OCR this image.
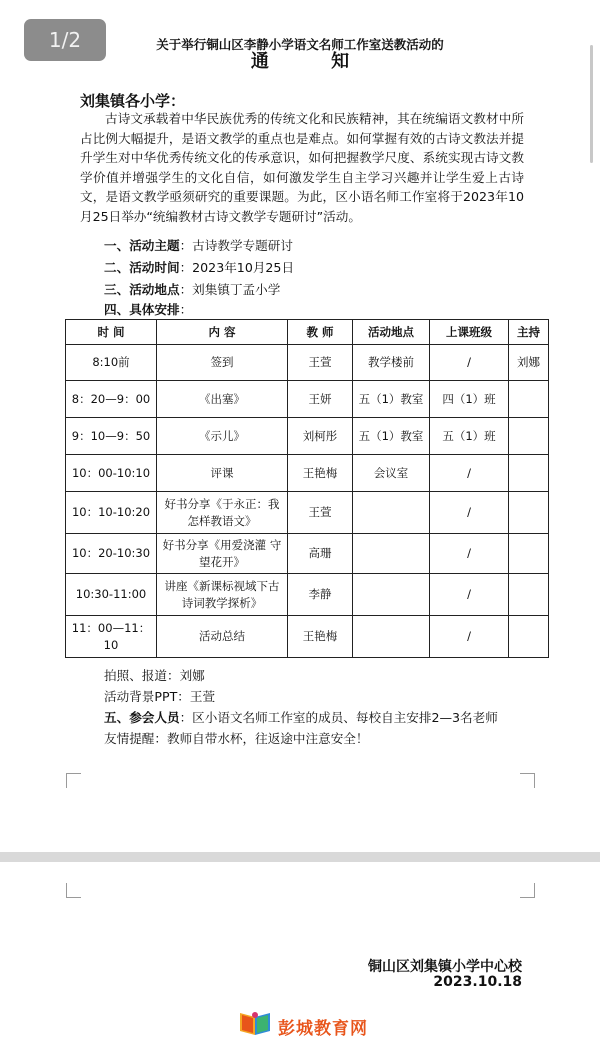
1/2	关于举行铜山区李静小学语文名师工作室送教活动的
通 知
刘集镇各小学：
古诗文承载着中华民族优秀的传统文化和民族精神，其在统编语文教材中所占比例大幅提升，是语文教学的重点也是难点。如何掌握有效的古诗文教法并提升学生对中华优秀传统文化的传承意识，如何把握教学尺度、系统实现古诗文教学价值并增强学生的文化自信，如何激发学生自主学习兴趣并让学生爱上古诗文，是语文教学亟须研究的重要课题。为此，区小语名师工作室将于2023年10月25日举办“统编教材古诗文教学专题研讨”活动。
一、活动主题：古诗教学专题研讨
二、活动时间：2023年10月25日
三、活动地点：刘集镇丁孟小学
四、具体安排：
时 间	内 容	教 师	活动地点	上课班级	主持
8:10前	签到	王萱	教学楼前	/	刘娜
8：20—9：00	《出塞》	王妍	五（1）教室	四（1）班	
9：10—9：50	《示儿》	刘柯彤	五（1）教室	五（1）班	
10：00-10:10	评课	王艳梅	会议室	/	
10：10-10:20	好书分享《于永正：我怎样教语文》	王萱		/	
10：20-10:30	好书分享《用爱浇灌 守望花开》	高珊		/	
10:30-11:00	讲座《新课标视域下古诗词教学探析》	李静		/	
11：00—11：10	活动总结	王艳梅		/	
拍照、报道：刘娜
活动背景PPT：王萱
五、参会人员：区小语文名师工作室的成员、每校自主安排2—3名老师
友情提醒：教师自带水杯，往返途中注意安全！
铜山区刘集镇小学中心校
2023.10.18
彭城教育网
